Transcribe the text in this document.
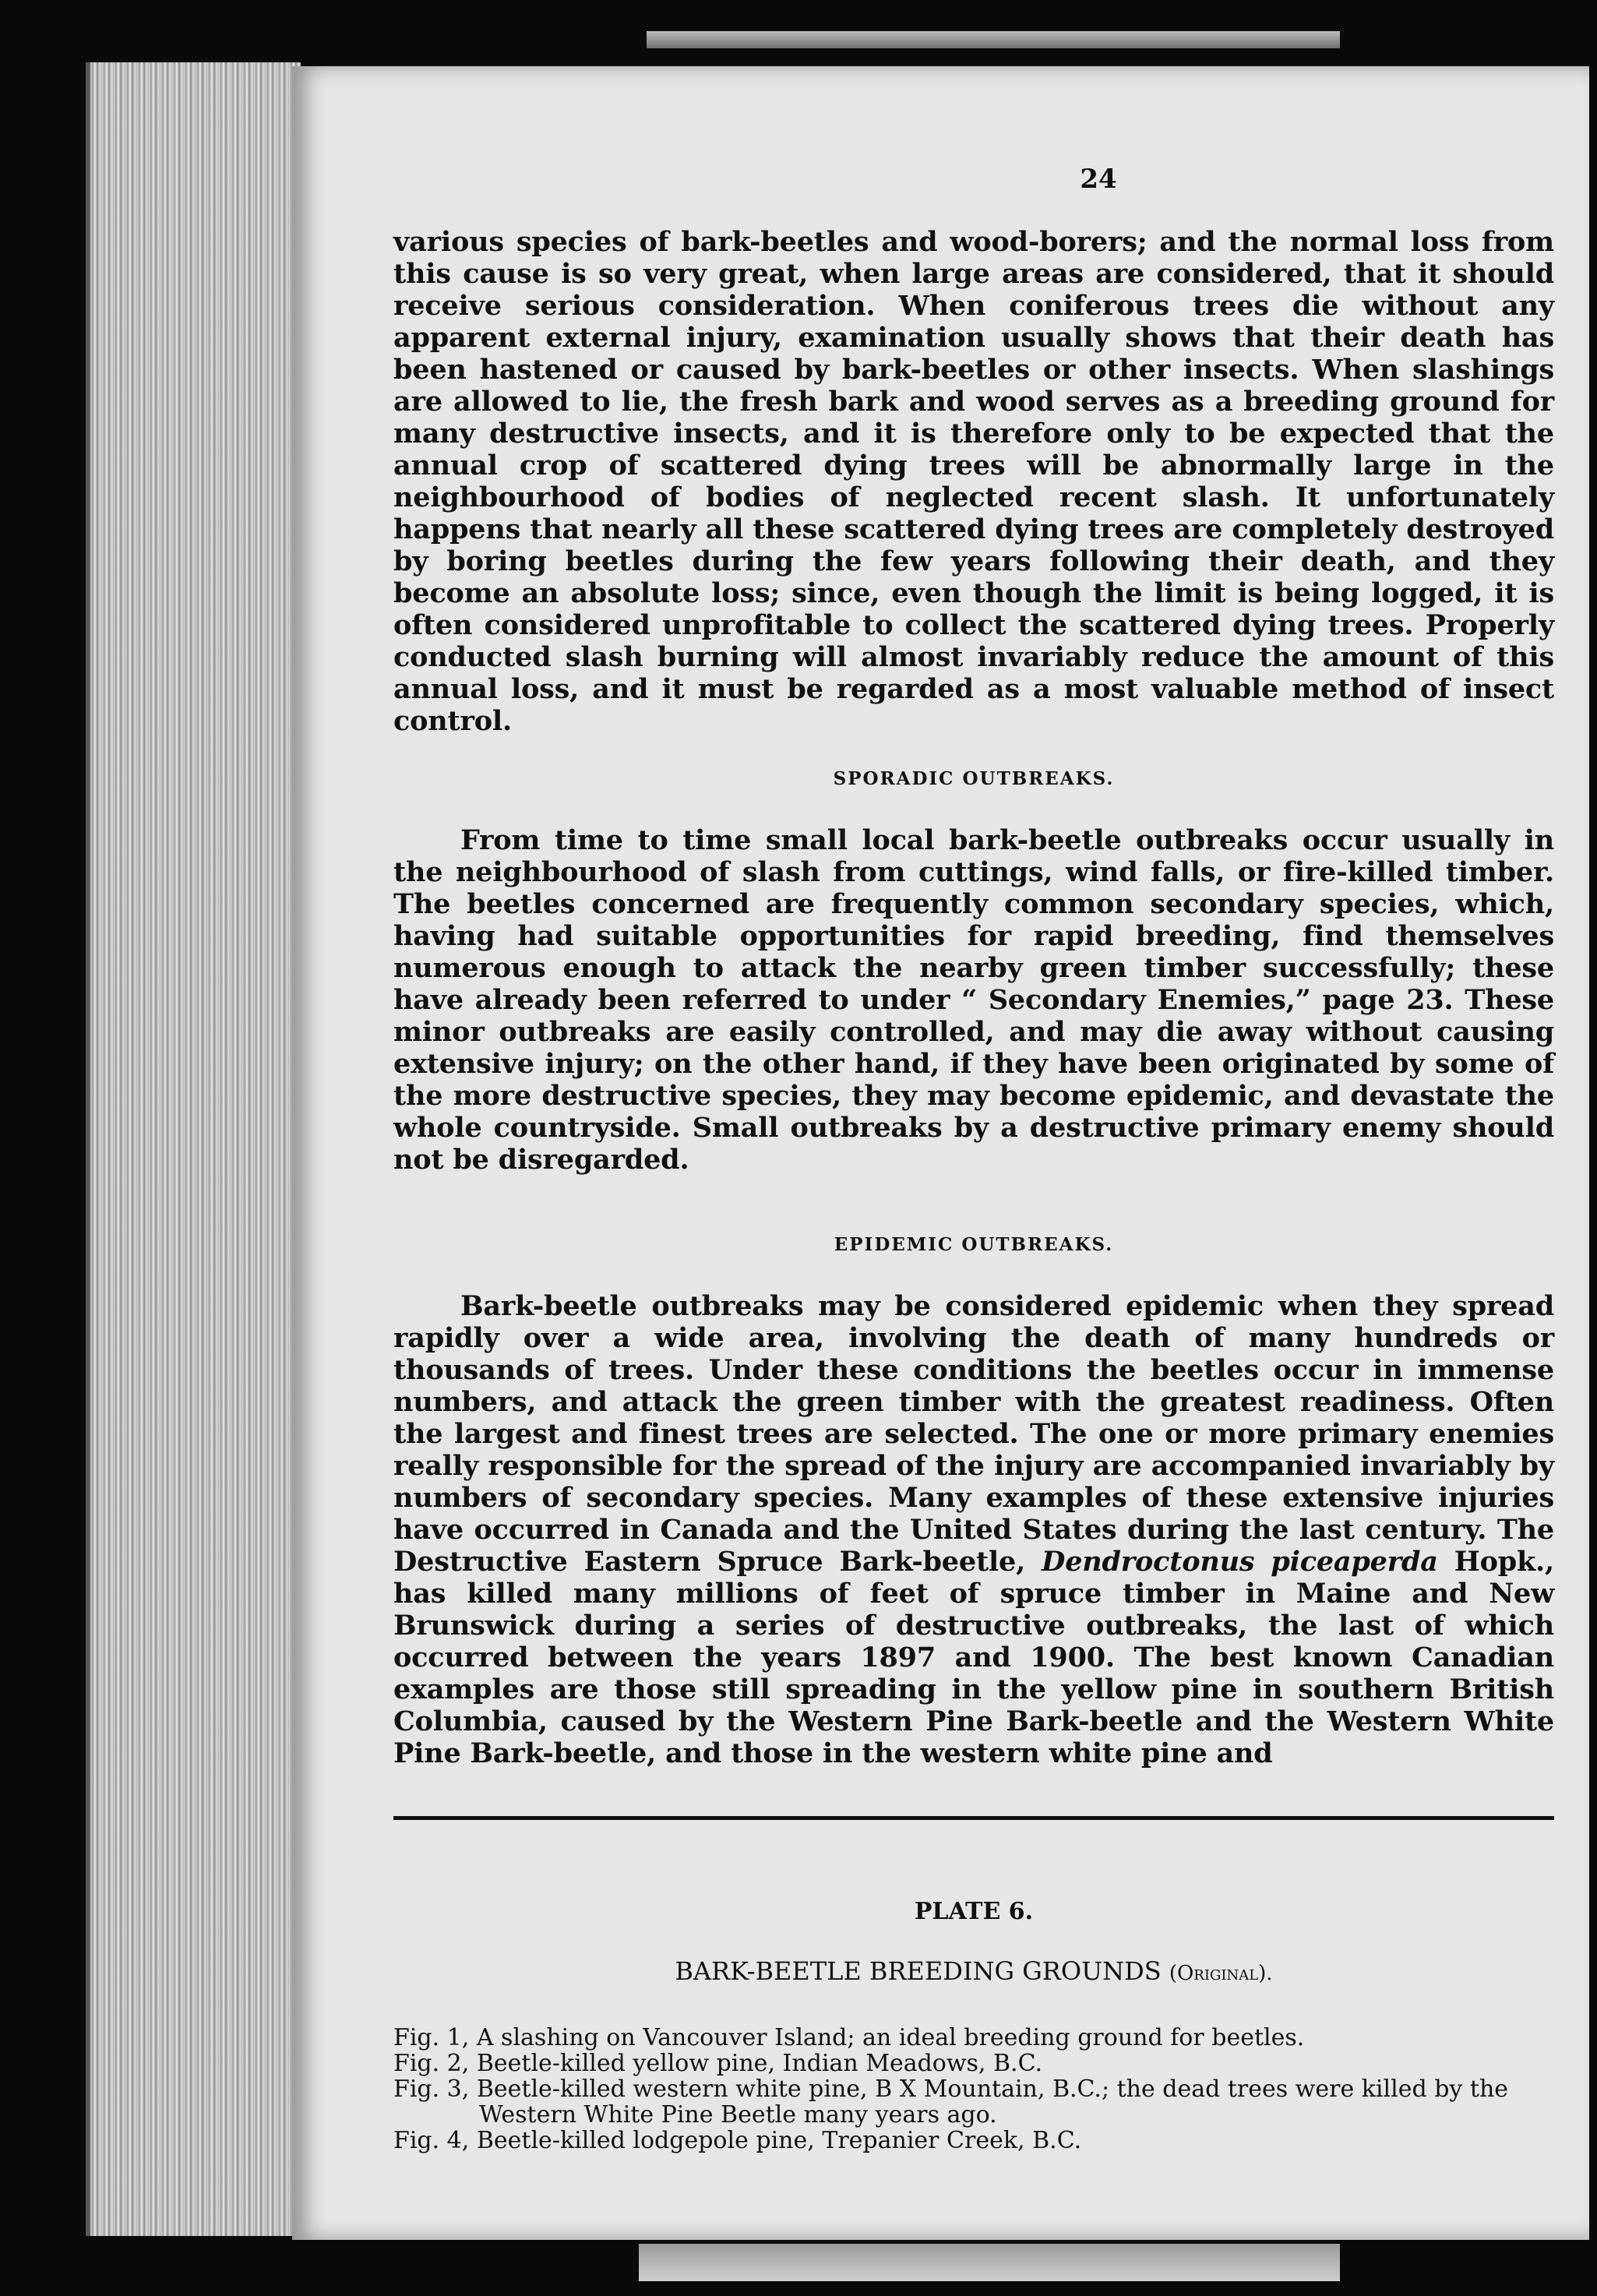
24

various species of bark-beetles and wood-borers; and the normal loss from this cause is so very great, when large areas are considered, that it should receive serious consideration. When coniferous trees die without any apparent external injury, examination usually shows that their death has been hastened or caused by bark-beetles or other insects. When slashings are allowed to lie, the fresh bark and wood serves as a breeding ground for many destructive insects, and it is therefore only to be expected that the annual crop of scattered dying trees will be abnormally large in the neighbourhood of bodies of neglected recent slash. It unfortunately happens that nearly all these scattered dying trees are completely destroyed by boring beetles during the few years following their death, and they become an absolute loss; since, even though the limit is being logged, it is often considered unprofitable to collect the scattered dying trees. Properly conducted slash burning will almost invariably reduce the amount of this annual loss, and it must be regarded as a most valuable method of insect control.

SPORADIC OUTBREAKS.

From time to time small local bark-beetle outbreaks occur usually in the neighbourhood of slash from cuttings, wind falls, or fire-killed timber. The beetles concerned are frequently common secondary species, which, having had suitable opportunities for rapid breeding, find themselves numerous enough to attack the nearby green timber successfully; these have already been referred to under “ Secondary Enemies,” page 23. These minor outbreaks are easily controlled, and may die away without causing extensive injury; on the other hand, if they have been originated by some of the more destructive species, they may become epidemic, and devastate the whole countryside. Small outbreaks by a destructive primary enemy should not be disregarded.

EPIDEMIC OUTBREAKS.

Bark-beetle outbreaks may be considered epidemic when they spread rapidly over a wide area, involving the death of many hundreds or thousands of trees. Under these conditions the beetles occur in immense numbers, and attack the green timber with the greatest readiness. Often the largest and finest trees are selected. The one or more primary enemies really responsible for the spread of the injury are accompanied invariably by numbers of secondary species. Many examples of these extensive injuries have occurred in Canada and the United States during the last century. The Destructive Eastern Spruce Bark-beetle, Dendroctonus piceaperda Hopk., has killed many millions of feet of spruce timber in Maine and New Brunswick during a series of destructive outbreaks, the last of which occurred between the years 1897 and 1900. The best known Canadian examples are those still spreading in the yellow pine in southern British Columbia, caused by the Western Pine Bark-beetle and the Western White Pine Bark-beetle, and those in the western white pine and

PLATE 6.
BARK-BEETLE BREEDING GROUNDS (Original).

Fig. 1, A slashing on Vancouver Island; an ideal breeding ground for beetles.

Fig. 2, Beetle-killed yellow pine, Indian Meadows, B.C.

Fig. 3, Beetle-killed western white pine, B X Mountain, B.C.; the dead trees were killed by the Western White Pine Beetle many years ago.

Fig. 4, Beetle-killed lodgepole pine, Trepanier Creek, B.C.
